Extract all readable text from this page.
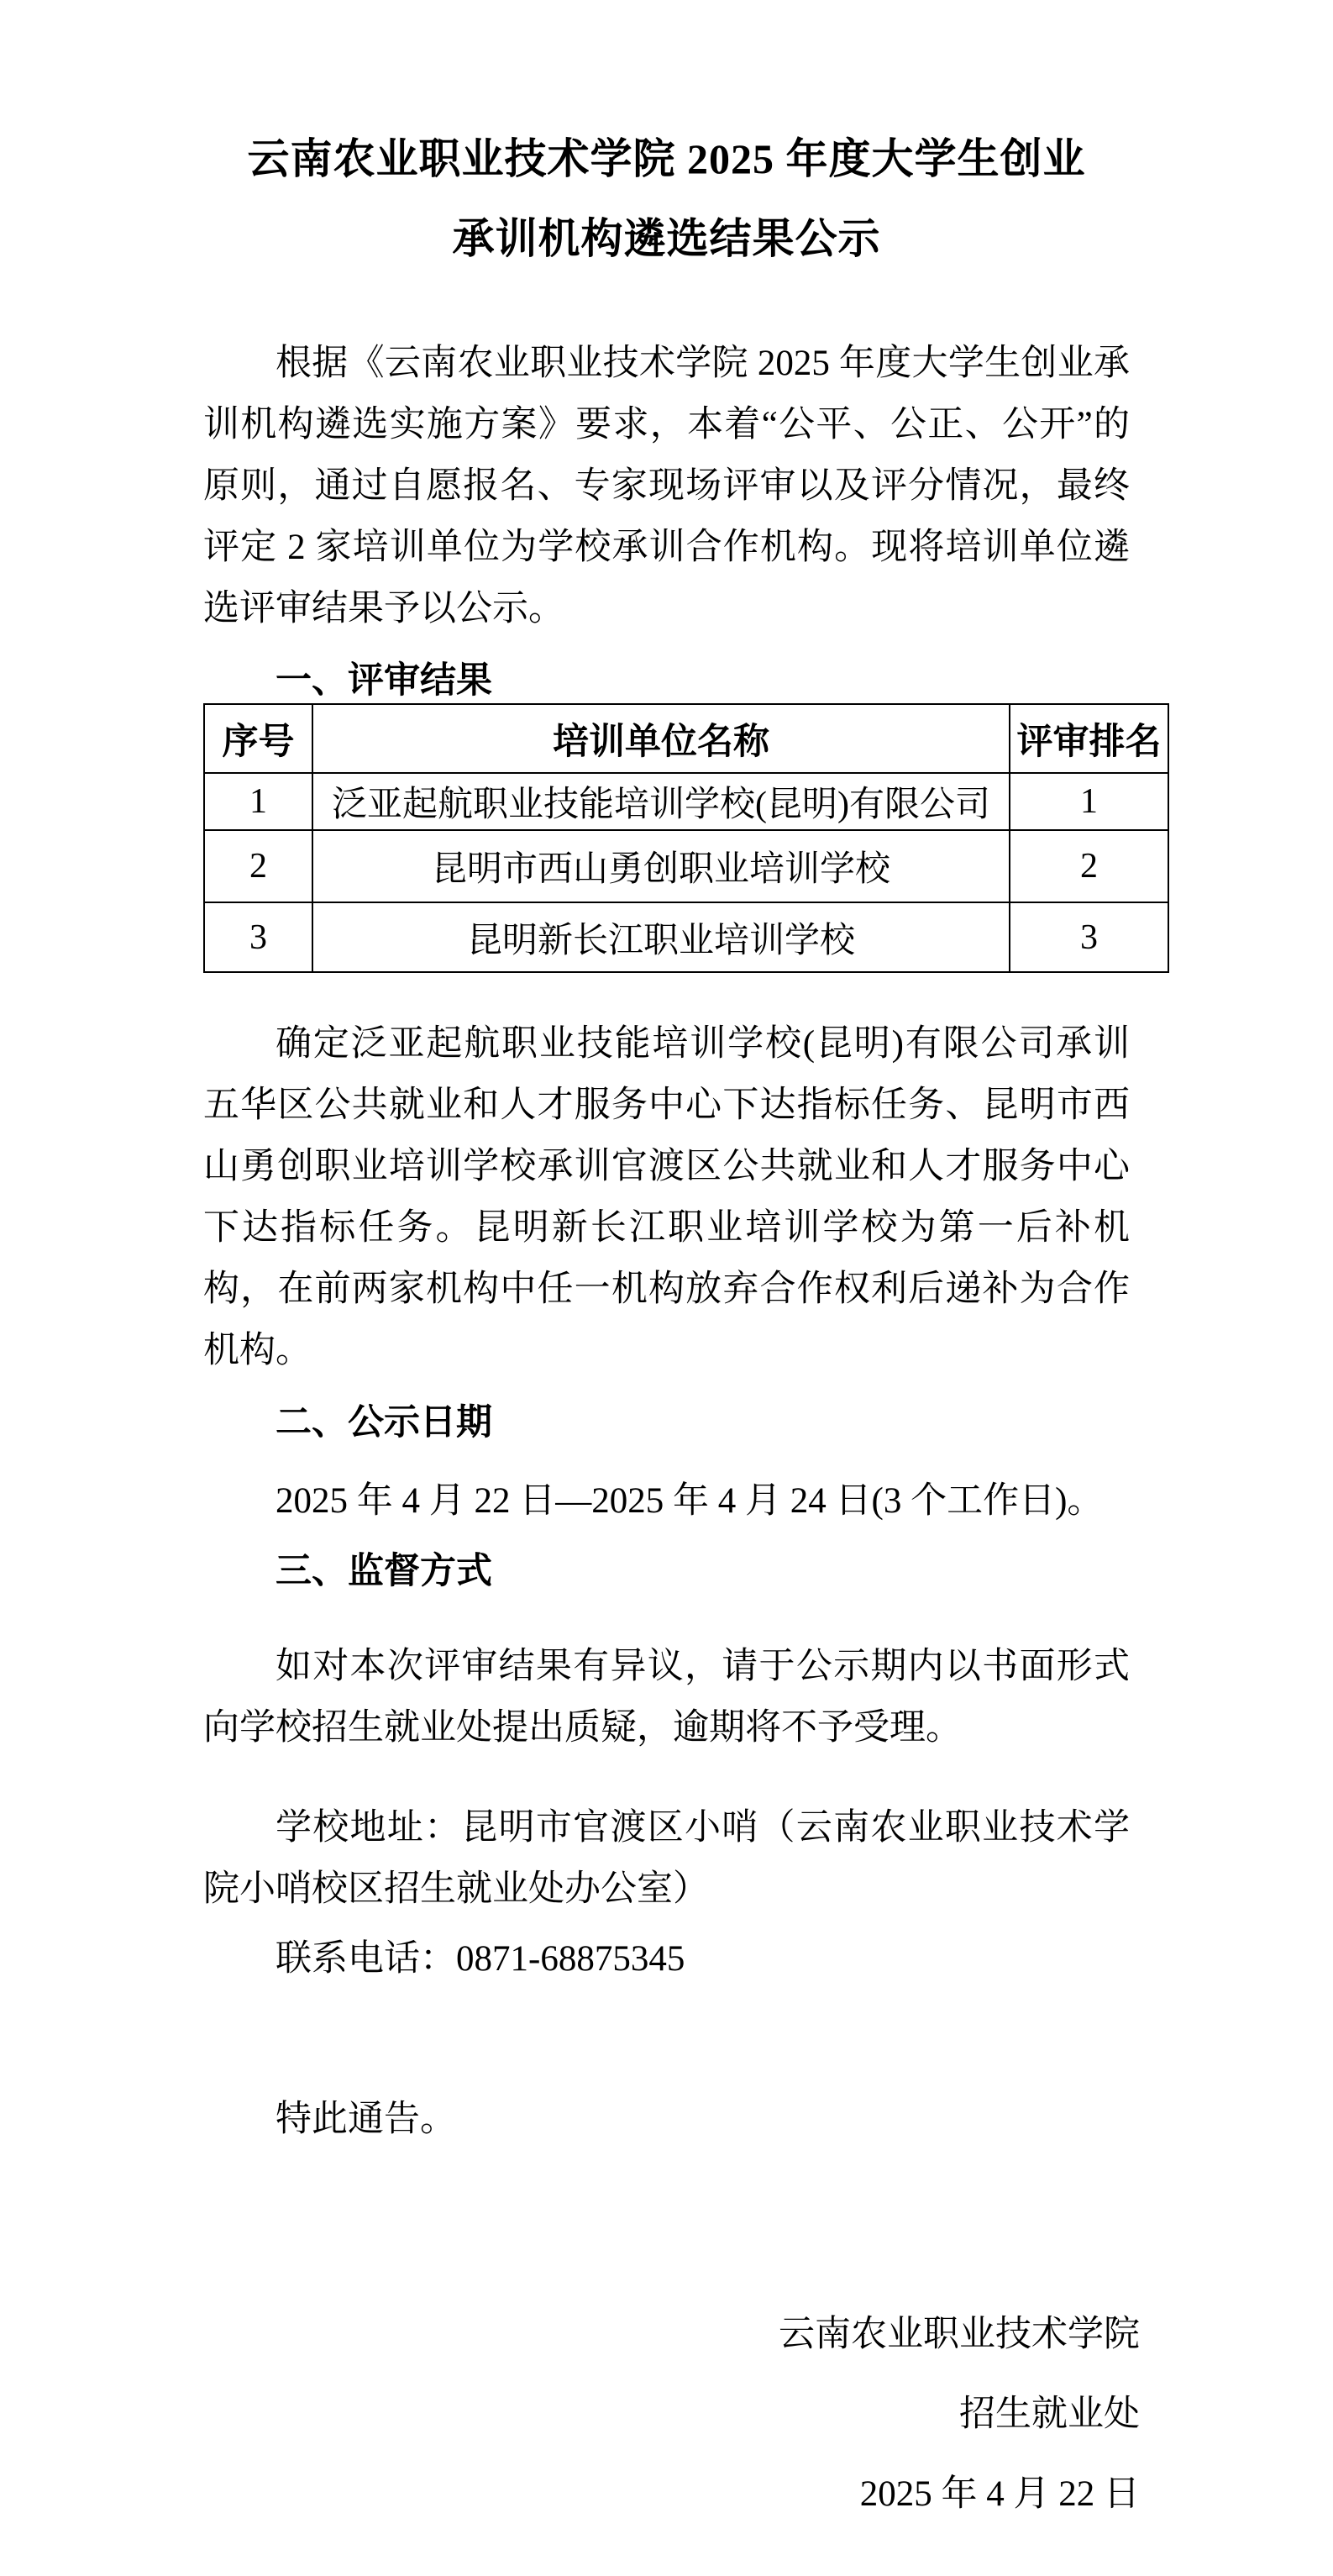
云南农业职业技术学院 2025 年度大学生创业
承训机构遴选结果公示

根据《云南农业职业技术学院 2025 年度大学生创业承训机构遴选实施方案》要求，本着“公平、公正、公开”的原则，通过自愿报名、专家现场评审以及评分情况，最终评定 2 家培训单位为学校承训合作机构。现将培训单位遴选评审结果予以公示。

一、评审结果
序号	培训单位名称	评审排名
1	泛亚起航职业技能培训学校(昆明)有限公司	1
2	昆明市西山勇创职业培训学校	2
3	昆明新长江职业培训学校	3

确定泛亚起航职业技能培训学校(昆明)有限公司承训五华区公共就业和人才服务中心下达指标任务、昆明市西山勇创职业培训学校承训官渡区公共就业和人才服务中心下达指标任务。昆明新长江职业培训学校为第一后补机构，在前两家机构中任一机构放弃合作权利后递补为合作机构。

二、公示日期

2025 年 4 月 22 日—2025 年 4 月 24 日(3 个工作日)。

三、监督方式

如对本次评审结果有异议，请于公示期内以书面形式向学校招生就业处提出质疑，逾期将不予受理。

学校地址：昆明市官渡区小哨（云南农业职业技术学院小哨校区招生就业处办公室）

联系电话：0871-68875345

特此通告。

云南农业职业技术学院
招生就业处
2025 年 4 月 22 日
